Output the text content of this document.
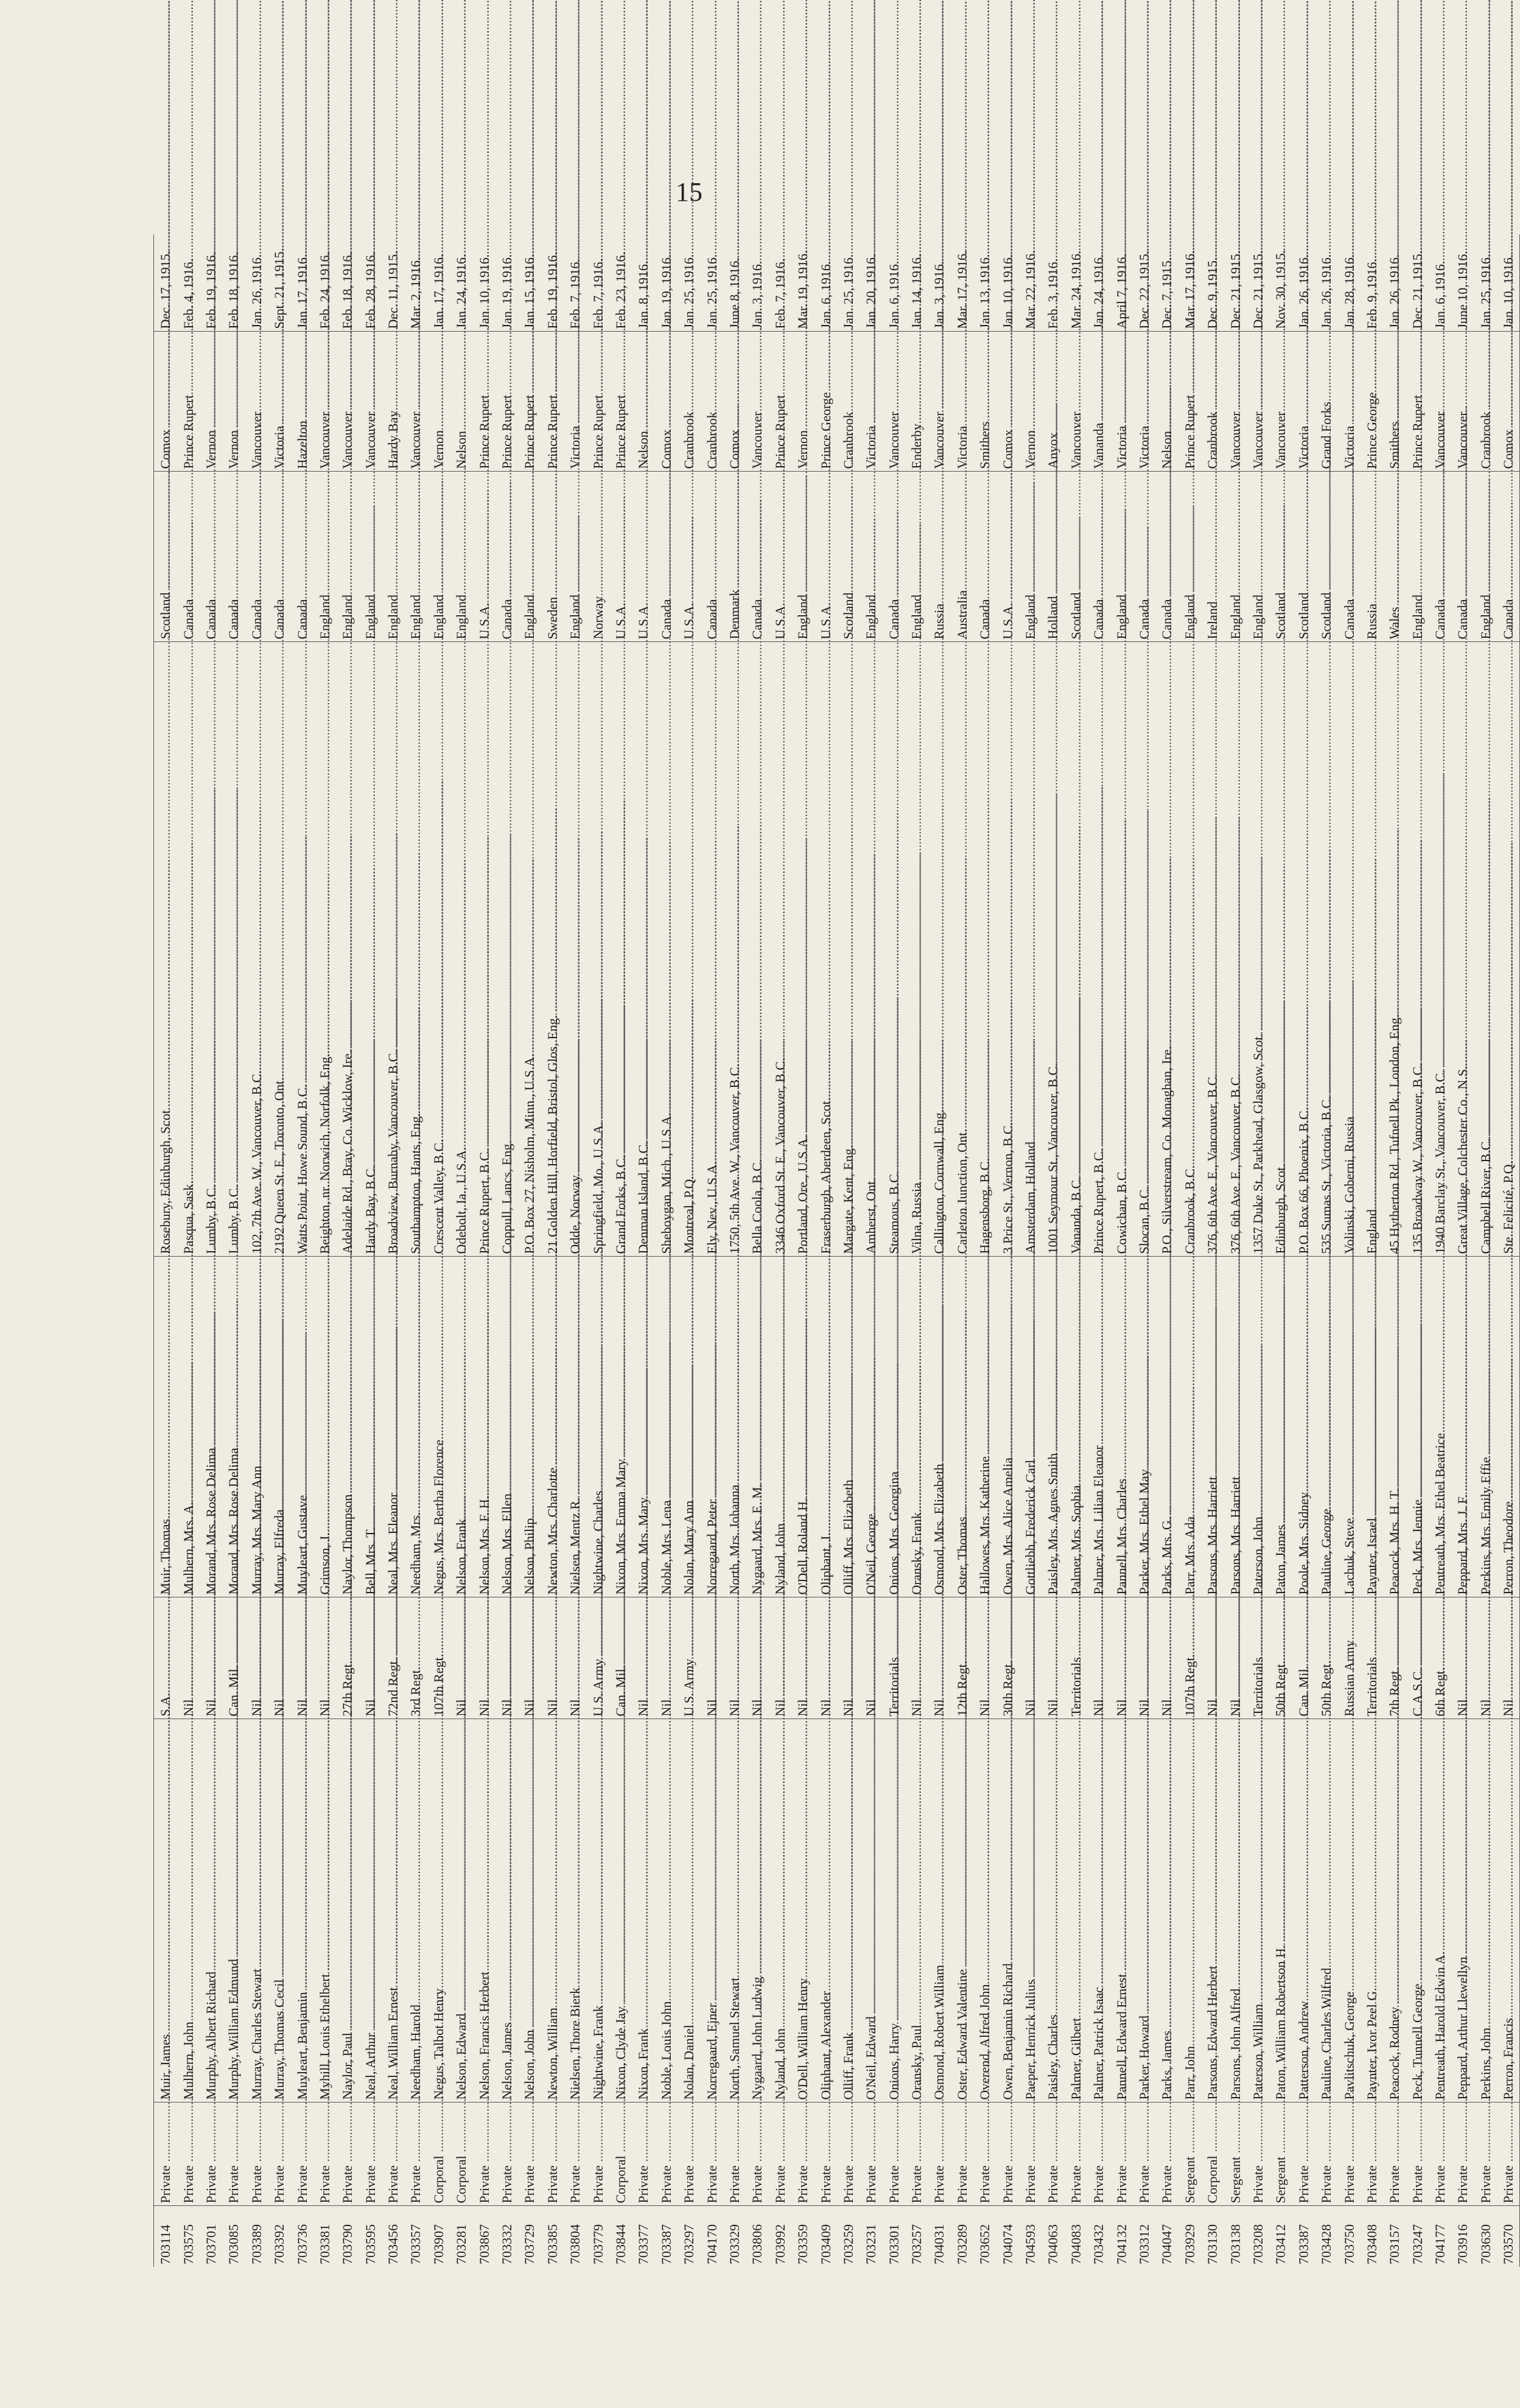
15
703114	Private .....	Muir, James .....	S.A. .....	Muir, Thomas .....	Rosebury, Edinburgh, Scot .....	Scotland .....	Comox .....	Dec. 17, 1915.
703575	Private .....	Mulhern, John .....	Nil .....	Mulhern, Mrs. A. .....	Pasqua, Sask. .....	Canada .....	Prince Rupert .....	Feb. 4, 1916.
703701	Private .....	Murphy, Albert Richard .....	Nil .....	Morand, Mrs. Rose Delima .....	Lumby, B.C. .....	Canada .....	Vernon .....	Feb. 19, 1916.
703085	Private .....	Murphy, William Edmund .....	Can. Mil. .....	Morand, Mrs. Rose Delima .....	Lumby, B.C. .....	Canada .....	Vernon .....	Feb. 18, 1916.
703389	Private .....	Murray, Charles Stewart .....	Nil .....	Murray, Mrs. Mary Ann .....	102, 7th Ave. W., Vancouver, B.C. .....	Canada .....	Vancouver .....	Jan. 26, 1916.
703392	Private .....	Murray, Thomas Cecil .....	Nil .....	Murray, Elfreda .....	2192 Queen St. E., Toronto, Ont. .....	Canada .....	Victoria .....	Sept. 21, 1915.
703736	Private .....	Muyleart, Benjamin .....	Nil .....	Muyleart, Gustave .....	Watts Point, Howe Sound, B.C. .....	Canada .....	Hazelton .....	Jan. 17, 1916.
703381	Private .....	Myhill, Louis Ethelbert .....	Nil .....	Grimson, J. .....	Beighton, nr. Norwich, Norfolk, Eng. .....	England .....	Vancouver .....	Feb. 24, 1916.
703790	Private .....	Naylor, Paul .....	27th Regt. .....	Naylor, Thompson .....	Adelaide Rd., Bray, Co. Wicklow, Ire. .....	England .....	Vancouver .....	Feb. 18, 1916.
703595	Private .....	Neal, Arthur .....	Nil .....	Bell, Mrs. T. .....	Hardy Bay, B.C. .....	England .....	Vancouver .....	Feb. 28, 1916.
703456	Private .....	Neal, William Ernest .....	72nd Regt. .....	Neal, Mrs. Eleanor .....	Broadview, Burnaby, Vancouver, B.C. .....	England .....	Hardy Bay .....	Dec. 11, 1915.
703357	Private .....	Needham, Harold .....	3rd Regt. .....	Needham, Mrs. .....	Southampton, Hants, Eng. .....	England .....	Vancouver .....	Mar. 2, 1916.
703907	Corporal .....	Negus, Talbot Henry .....	107th Regt. .....	Negus, Mrs. Bertha Florence .....	Crescent Valley, B.C. .....	England .....	Vernon .....	Jan. 17, 1916.
703281	Corporal .....	Nelson, Edward .....	Nil .....	Nelson, Frank .....	Odebolt, Ia., U.S.A. .....	England .....	Nelson .....	Jan. 24, 1916.
703867	Private .....	Nelson, Francis Herbert .....	Nil .....	Nelson, Mrs. F. H. .....	Prince Rupert, B.C. .....	U.S.A. .....	Prince Rupert .....	Jan. 10, 1916.
703332	Private .....	Nelson, James .....	Nil .....	Nelson, Mrs. Ellen .....	Coppull, Lancs, Eng. .....	Canada .....	Prince Rupert .....	Jan. 19, 1916.
703729	Private .....	Nelson, John .....	Nil .....	Nelson, Philip .....	P.O. Box 27, Nisholm, Minn., U.S.A. .....	England .....	Prince Rupert .....	Jan. 15, 1916.
703385	Private .....	Newton, William .....	Nil .....	Newton, Mrs. Charlotte .....	21 Golden Hill, Horfield, Bristol, Glos, Eng. .....	Sweden .....	Prince Rupert .....	Feb. 19, 1916.
703804	Private .....	Nielsen, Thore Bierk .....	Nil .....	Nielsen, Mentz R. .....	Odde, Norway .....	England .....	Victoria .....	Feb. 7, 1916.
703779	Private .....	Nightwine, Frank .....	U.S. Army .....	Nightwine, Charles .....	Springfield, Mo., U.S.A. .....	Norway .....	Prince Rupert .....	Feb. 7, 1916.
703844	Corporal .....	Nixon, Clyde Jay .....	Can. Mil. .....	Nixon, Mrs. Emma Mary .....	Grand Forks, B.C. .....	U.S.A. .....	Prince Rupert .....	Feb. 23, 1916.
703377	Private .....	Nixon, Frank .....	Nil .....	Nixon, Mrs. Mary .....	Denman Island, B.C. .....	U.S.A. .....	Nelson .....	Jan. 8, 1916.
703387	Private .....	Noble, Louis John .....	Nil .....	Noble, Mrs. Lena .....	Sheboygan, Mich., U.S.A. .....	Canada .....	Comox .....	Jan. 19, 1916.
703297	Private .....	Nolan, Daniel .....	U.S. Army .....	Nolan, Mary Ann .....	Montreal, P.Q. .....	U.S.A. .....	Cranbrook .....	Jan. 25, 1916.
704170	Private .....	Norregaard, Ejner .....	Nil .....	Norregaard, Peter .....	Ely, Nev., U.S.A. .....	Canada .....	Cranbrook .....	Jan. 25, 1916.
703329	Private .....	North, Samuel Stewart .....	Nil .....	North, Mrs. Johanna .....	1750, 5th Ave. W., Vancouver, B.C. .....	Denmark .....	Comox .....	June 8, 1916.
703806	Private .....	Nygaard, John Ludwig .....	Nil .....	Nygaard, Mrs. E. M. .....	Bella Coola, B.C. .....	Canada .....	Vancouver .....	Jan. 3, 1916.
703992	Private .....	Nyland, John .....	Nil .....	Nyland, John .....	3346 Oxford St. E., Vancouver, B.C. .....	U.S.A. .....	Prince Rupert .....	Feb. 7, 1916.
703359	Private .....	O'Dell, William Henry .....	Nil .....	O'Dell, Roland H. .....	Portland, Ore., U.S.A. .....	England .....	Vernon .....	Mar. 19, 1916.
703409	Private .....	Oliphant, Alexander .....	Nil .....	Oliphant, J. .....	Fraserburgh, Aberdeen, Scot. .....	U.S.A. .....	Prince George .....	Jan. 6, 1916.
703259	Private .....	Olliff, Frank .....	Nil .....	Olliff, Mrs. Elizabeth .....	Margate, Kent, Eng. .....	Scotland .....	Cranbrook .....	Jan. 25, 1916.
703231	Private .....	O'Neil, Edward .....	Nil .....	O'Neil, George .....	Amherst, Ont. .....	England .....	Victoria .....	Jan. 20, 1916.
703301	Private .....	Onions, Harry .....	Territorials .....	Onions, Mrs. Georgina .....	Steamous, B.C. .....	Canada .....	Vancouver .....	Jan. 6, 1916.
703257	Private .....	Oransky, Paul .....	Nil .....	Oransky, Frank .....	Vilna, Russia .....	England .....	Enderby .....	Jan. 14, 1916.
704031	Private .....	Osmond, Robert William .....	Nil .....	Osmond, Mrs. Elizabeth .....	Callington, Cornwall, Eng. .....	Russia .....	Vancouver .....	Jan. 3, 1916.
703289	Private .....	Oster, Edward Valentine .....	12th Regt. .....	Oster, Thomas .....	Carleton Junction, Ont. .....	Australia .....	Victoria .....	Mar. 17, 1916.
703652	Private .....	Overend, Alfred John .....	Nil .....	Hallowes, Mrs. Katherine .....	Hagensborg, B.C. .....	Canada .....	Smithers .....	Jan. 13, 1916.
704074	Private .....	Owen, Benjamin Richard .....	30th Regt. .....	Owen, Mrs. Alice Amelia .....	3 Price St., Vernon, B.C. .....	U.S.A. .....	Comox .....	Jan. 10, 1916.
704593	Private .....	Paeper, Henrick Julius .....	Nil .....	Gottliebh, Frederick Carl .....	Amsterdam, Holland .....	England .....	Vernon .....	Mar. 22, 1916.
704063	Private .....	Paisley, Charles .....	Nil .....	Paisley, Mrs. Agnes Smith .....	1001 Seymour St., Vancouver, B.C. .....	Holland .....	Anyox .....	Feb. 3, 1916.
704083	Private .....	Palmer, Gilbert .....	Territorials .....	Palmer, Mrs. Sophia .....	Vananda, B.C. .....	Scotland .....	Vancouver .....	Mar. 24, 1916.
703432	Private .....	Palmer, Patrick Isaac .....	Nil .....	Palmer, Mrs. Lilian Eleanor .....	Prince Rupert, B.C. .....	Canada .....	Vananda .....	Jan. 24, 1916.
704132	Private .....	Pannell, Edward Ernest .....	Nil .....	Pannell, Mrs. Charles .....	Cowichan, B.C. .....	England .....	Victoria .....	April 7, 1916.
703312	Private .....	Parker, Howard .....	Nil .....	Parker, Mrs. Ethel May .....	Slocan, B.C. .....	Canada .....	Victoria .....	Dec. 22, 1915.
704047	Private .....	Parks, James .....	Nil .....	Parks, Mrs. G. .....	P.O., Silverstream, Co. Monaghan, Ire. .....	Canada .....	Nelson .....	Dec. 7, 1915.
703929	Sergeant .....	Parr, John .....	107th Regt. .....	Parr, Mrs. Ada .....	Cranbrook, B.C. .....	England .....	Prince Rupert .....	Mar. 17, 1916.
703130	Corporal .....	Parsons, Edward Herbert .....	Nil .....	Parsons, Mrs. Harriett .....	376, 6th Ave. E., Vancouver, B.C. .....	Ireland .....	Cranbrook .....	Dec. 9, 1915.
703138	Sergeant .....	Parsons, John Alfred .....	Nil .....	Parsons, Mrs. Harriett .....	376, 6th Ave. E., Vancouver, B.C. .....	England .....	Vancouver .....	Dec. 21, 1915.
703208	Private .....	Paterson, William .....	Territorials .....	Paterson, John .....	1357 Duke St., Parkhead, Glasgow, Scot. .....	England .....	Vancouver .....	Dec. 21, 1915.
703412	Sergeant .....	Paton, William Robertson H. .....	50th Regt. .....	Paton, James .....	Edinburgh, Scot. .....	Scotland .....	Vancouver .....	Nov. 30, 1915.
703387	Private .....	Patterson, Andrew .....	Can. Mil. .....	Poole, Mrs. Sidney .....	P.O. Box 66, Phoenix, B.C. .....	Scotland .....	Victoria .....	Jan. 26, 1916.
703428	Private .....	Pauline, Charles Wilfred .....	50th Regt. .....	Pauline, George .....	535 Sumas St., Victoria, B.C. .....	Scotland .....	Grand Forks .....	Jan. 26, 1916.
703750	Private .....	Pavlitschuk, George .....	Russian Army .....	Lachuk, Steve .....	Volinski, Goberni, Russia .....	Canada .....	Victoria .....	Jan. 28, 1916.
703408	Private .....	Paynter, Ivor Peel G. .....	Territorials .....	Paynter, Israel .....	England .....	Russia .....	Prince George .....	Feb. 9, 1916.
703157	Private .....	Peacock, Rodney .....	7th Regt. .....	Peacock, Mrs. H. T. .....	45 Hytherton Rd., Tufnell Pk., London, Eng. .....	Wales .....	Smithers .....	Jan. 26, 1916.
703247	Private .....	Peck, Tunnell George .....	C.A.S.C. .....	Peck, Mrs. Jennie .....	135 Broadway W., Vancouver, B.C. .....	England .....	Prince Rupert .....	Dec. 21, 1915.
704177	Private .....	Pentreath, Harold Edwin A. .....	6th Regt. .....	Pentreath, Mrs. Ethel Beatrice .....	1940 Barclay St., Vancouver, B.C. .....	Canada .....	Vancouver .....	Jan. 6, 1916.
703916	Private .....	Peppard, Arthur Llewellyn .....	Nil .....	Peppard, Mrs. J. F. .....	Great Village, Colchester Co., N.S. .....	Canada .....	Vancouver .....	June 10, 1916.
703630	Private .....	Perkins, John .....	Nil .....	Perkins, Mrs. Emily Effie .....	Campbell River, B.C. .....	England .....	Cranbrook .....	Jan. 25, 1916.
703570	Private .....	Perron, Francis .....	Nil .....	Perron, Theodore .....	Ste. Felicité, P.Q. .....	Canada .....	Comox .....	Jan. 10, 1916.
